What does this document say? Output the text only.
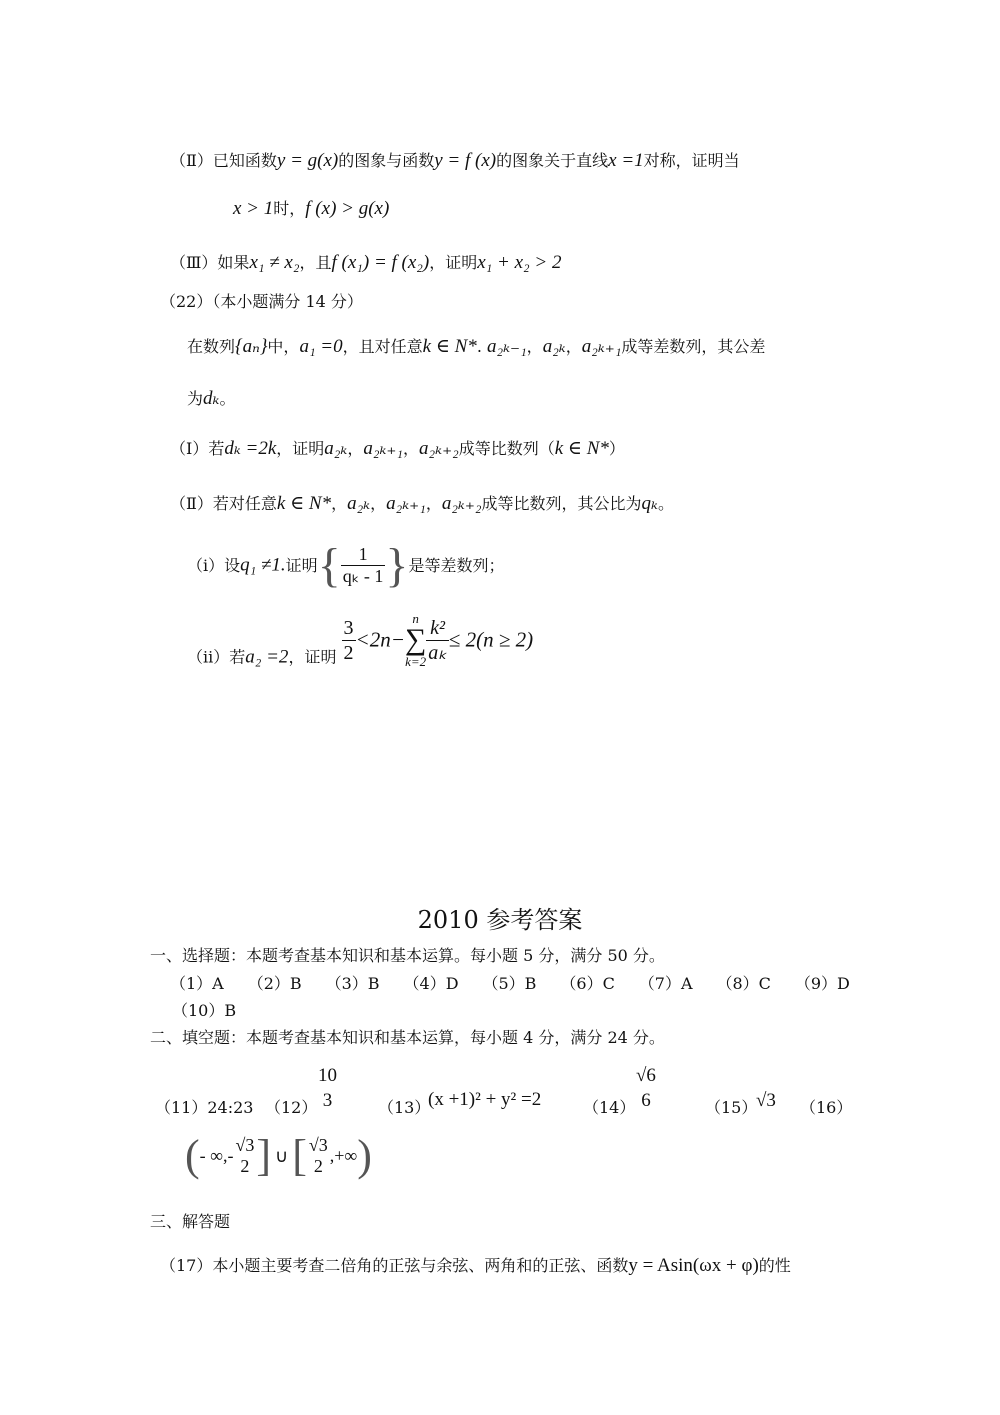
（Ⅱ）已知函数y = g(x)的图象与函数y = f (x)的图象关于直线x =1对称，证明当
x > 1时，f (x) > g(x)
（Ⅲ）如果x₁ ≠ x₂，且f (x₁) = f (x₂)，证明x₁ + x₂ > 2
（22）（本小题满分 14 分）
在数列{aₙ}中，a₁ =0，且对任意k ∈ N*. a₂ₖ₋₁，a₂ₖ，a₂ₖ₊₁成等差数列，其公差
为dₖ。
（Ⅰ）若dₖ =2k，证明a₂ₖ，a₂ₖ₊₁，a₂ₖ₊₂成等比数列（k ∈ N*）
（Ⅱ）若对任意k ∈ N*，a₂ₖ，a₂ₖ₊₁，a₂ₖ₊₂成等比数列，其公比为qₖ。
（i）设q₁ ≠1.证明{ $\frac{1}{\text{qₖ - 1}}$ }是等差数列；
（ii）若a₂ =2，证明 $\frac{3}{2} <2n-$
n
∑
$k=2 \frac{\text{k²}}{\text{aₖ}} \le 2(n \ge 2)$
2010 参考答案
一、选择题：本题考查基本知识和基本运算。每小题 5 分，满分 50 分。
（1）A （2）B （3）B （4）D （5）B （6）C （7）A （8）C （9）D
（10）B
二、填空题：本题考查基本知识和基本运算，每小题 4 分，满分 24 分。
（11）24:23 （12）
10
3	（13）
(x +1)² + y² =2	（14）
√6
6	（15）
√3 （16）
(- ∞,-
√3
2 ] ∪[ √3
2
,+∞)
三、解答题
（17）本小题主要考查二倍角的正弦与余弦、两角和的正弦、函数y = Asin(ωx + φ)的性
